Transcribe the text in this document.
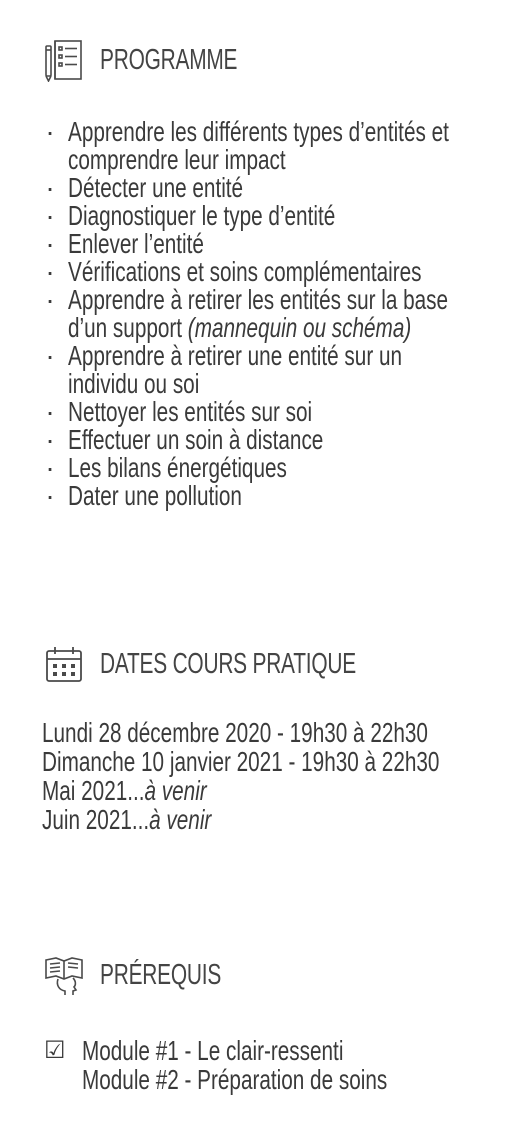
PROGRAMME
· Apprendre les différents types d’entités et
comprendre leur impact
· Détecter une entité
· Diagnostiquer le type d’entité
· Enlever l’entité
· Vérifications et soins complémentaires
· Apprendre à retirer les entités sur la base
d’un support (mannequin ou schéma)
· Apprendre à retirer une entité sur un
individu ou soi
· Nettoyer les entités sur soi
· Effectuer un soin à distance
· Les bilans énergétiques
· Dater une pollution
DATES COURS PRATIQUE
Lundi 28 décembre 2020 - 19h30 à 22h30
Dimanche 10 janvier 2021 - 19h30 à 22h30
Mai 2021...à venir
Juin 2021...à venir
PRÉREQUIS
☑ Module #1 - Le clair-ressenti
Module #2 - Préparation de soins
